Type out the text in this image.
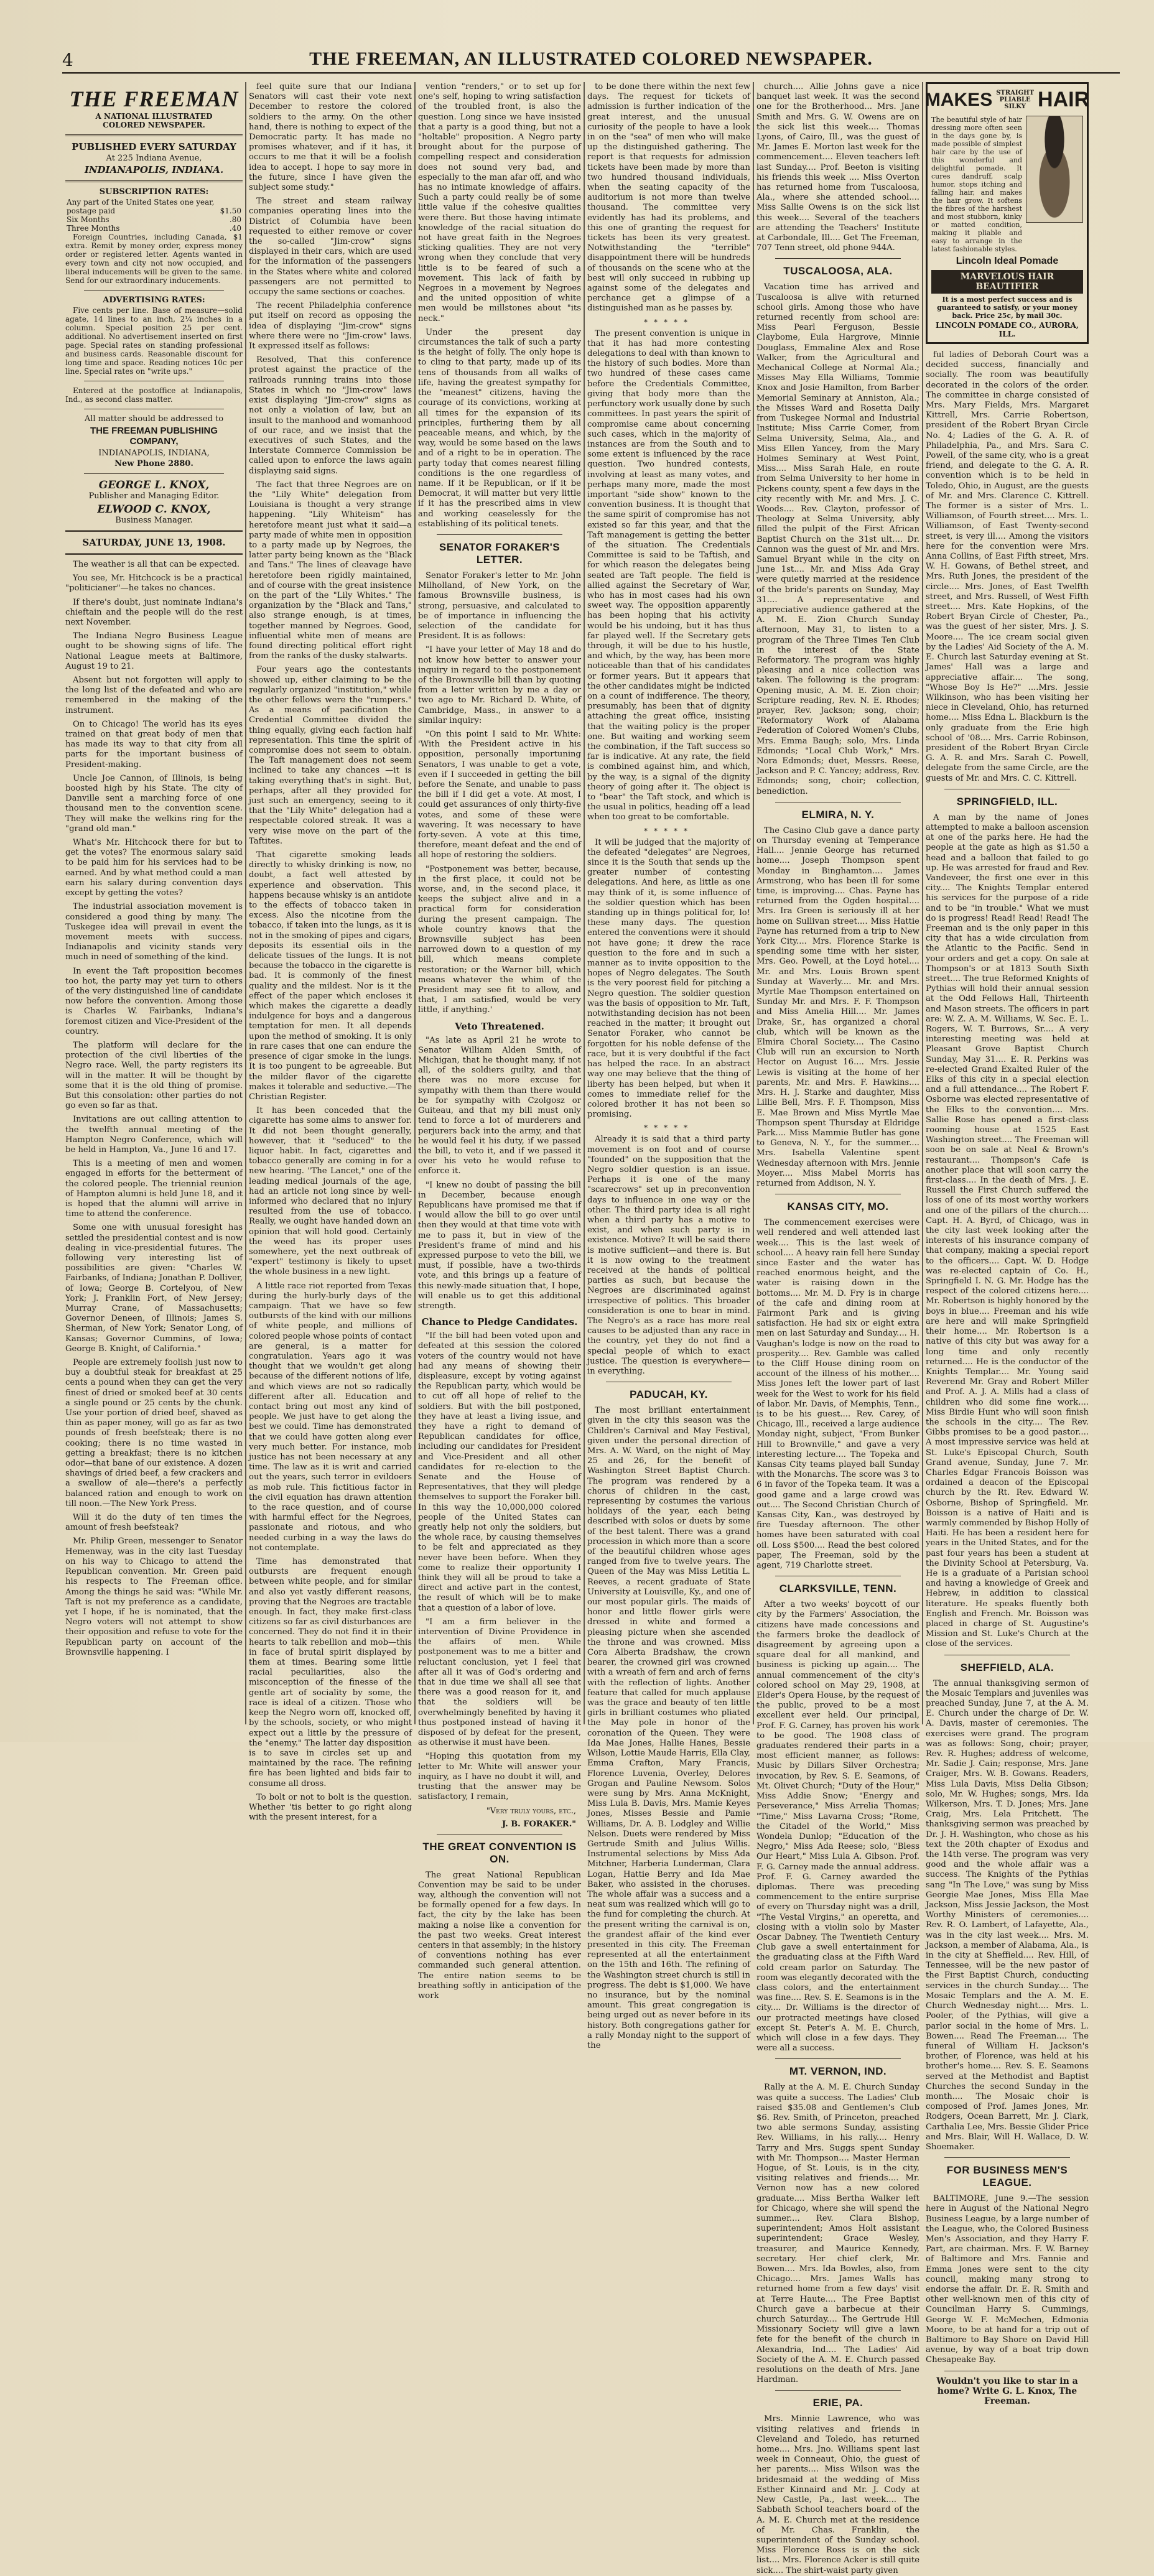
4	THE FREEMAN, AN ILLUSTRATED COLORED NEWSPAPER.
THE FREEMAN
A NATIONAL ILLUSTRATED
COLORED NEWSPAPER.
PUBLISHED EVERY SATURDAY
At 225 Indiana Avenue,
INDIANAPOLIS, INDIANA.
SUBSCRIPTION RATES:
Any part of the United States one year, postage paid	$1.50
Six Months	.80
Three Months	.40

Foreign Countries, including Canada, $1 extra. Remit by money order, express money order or registered letter. Agents wanted in every town and city not now occupied, and liberal inducements will be given to the same. Send for our extraordinary inducements.

ADVERTISING RATES:

Five cents per line. Base of measure—solid agate, 14 lines to an inch, 2¼ inches in a column. Special position 25 per cent. additional. No advertisement inserted on first page. Special rates on standing professional and business cards. Reasonable discount for long time and space. Reading notices 10c per line. Special rates on "write ups."

Entered at the postoffice at Indianapolis, Ind., as second class matter.

All matter should be addressed to
THE FREEMAN PUBLISHING COMPANY,
INDIANAPOLIS, INDIANA,
New Phone 2880.
GEORGE L. KNOX,
Publisher and Managing Editor.
ELWOOD C. KNOX,
Business Manager.
SATURDAY, JUNE 13, 1908.

The weather is all that can be expected.

You see, Mr. Hitchcock is be a practical "politicianer"—he takes no chances.

If there's doubt, just nominate Indiana's chieftain and the people will do the rest next November.

The Indiana Negro Business League ought to be showing signs of life. The National League meets at Baltimore, August 19 to 21.

Absent but not forgotten will apply to the long list of the defeated and who are remembered in the making of the instrument.

On to Chicago! The world has its eyes trained on that great body of men that has made its way to that city from all parts for the important business of President-making.

Uncle Joe Cannon, of Illinois, is being boosted high by his State. The city of Danville sent a marching force of one thousand men to the convention scene. They will make the welkins ring for the "grand old man."

What's Mr. Hitchcock there for but to get the votes? The enormous salary said to be paid him for his services had to be earned. And by what method could a man earn his salary during convention days except by getting the votes?

The industrial association movement is considered a good thing by many. The Tuskegee idea will prevail in event the movement meets with success. Indianapolis and vicinity stands very much in need of something of the kind.

In event the Taft proposition becomes too hot, the party may yet turn to others of the very distinguished line of candidate now before the convention. Among those is Charles W. Fairbanks, Indiana's foremost citizen and Vice-President of the country.

The platform will declare for the protection of the civil liberties of the Negro race. Well, the party registers its will in the matter. It will be thought by some that it is the old thing of promise. But this consolation: other parties do not go even so far as that.

Invitations are out calling attention to the twelfth annual meeting of the Hampton Negro Conference, which will be held in Hampton, Va., June 16 and 17.

This is a meeting of men and women engaged in efforts for the betterment of the colored people. The triennial reunion of Hampton alumni is held June 18, and it is hoped that the alumni will arrive in time to attend the conference.

Some one with unusual foresight has settled the presidential contest and is now dealing in vice-presidential futures. The following very interesting list of possibilities are given: "Charles W. Fairbanks, of Indiana; Jonathan P. Dolliver, of Iowa; George B. Cortelyou, of New York; J. Franklin Fort, of New Jersey; Murray Crane, of Massachusetts; Governor Deneen, of Illinois; James S. Sherman, of New York; Senator Long, of Kansas; Governor Cummins, of Iowa; George B. Knight, of California."

People are extremely foolish just now to buy a doubtful steak for breakfast at 25 cents a pound when they can get the very finest of dried or smoked beef at 30 cents a single pound or 25 cents by the chunk. Use your portion of dried beef, shaved as thin as paper money, will go as far as two pounds of fresh beefsteak; there is no cooking; there is no time wasted in getting a breakfast; there is no kitchen odor—that bane of our existence. A dozen shavings of dried beef, a few crackers and a swallow of ale—there's a perfectly balanced ration and enough to work on till noon.—The New York Press.

Will it do the duty of ten times the amount of fresh beefsteak?

Mr. Philip Green, messenger to Senator Hemenway, was in the city last Tuesday on his way to Chicago to attend the Republican convention. Mr. Green paid his respects to The Freeman office. Among the things he said was: "While Mr. Taft is not my preference as a candidate, yet I hope, if he is nominated, that the Negro voters will not attempt to show their opposition and refuse to vote for the Republican party on account of the Brownsville happening. I

feel quite sure that our Indiana Senators will cast their vote next December to restore the colored soldiers to the army. On the other hand, there is nothing to expect of the Democratic party. It has made no promises whatever, and if it has, it occurs to me that it will be a foolish idea to accept. I hope to say more in the future, since I have given the subject some study."

The street and steam railway companies operating lines into the District of Columbia have been requested to either remove or cover the so-called "Jim-crow" signs displayed in their cars, which are used for the information of the passengers in the States where white and colored passengers are not permitted to occupy the same sections or coaches.

The recent Philadelphia conference put itself on record as opposing the idea of displaying "Jim-crow" signs where there were no "Jim-crow" laws. It expressed itself as follows:

Resolved, That this conference protest against the practice of the railroads running trains into those States in which no "Jim-crow" laws exist displaying "Jim-crow" signs as not only a violation of law, but an insult to the manhood and womanhood of our race, and we insist that the executives of such States, and the Interstate Commerce Commission be called upon to enforce the laws again displaying said signs.

The fact that three Negroes are on the "Lily White" delegation from Louisiana is thought a very strange happening. "Lily Whiteism" has heretofore meant just what it said—a party made of white men in opposition to a party made up by Negroes, the latter party being known as the "Black and Tans." The lines of cleavage have heretofore been rigidly maintained, and of course with the great insistence on the part of the "Lily Whites." The organization by the "Black and Tans," also strange enough, is at times, together manned by Negroes. Good, influential white men of means are found directing political effort right from the ranks of the dusky stalwarts.

Four years ago the contestants showed up, either claiming to be the regularly organized "institution," while the other fellows were the "rumpers." As a means of pacification the Credential Committee divided the thing equally, giving each faction half representation. This time the spirit of compromise does not seem to obtain. The Taft management does not seem inclined to take any chances —it is taking everything that's in sight. But, perhaps, after all they provided for just such an emergency, seeing to it that the "Lily White" delegation had a respectable colored streak. It was a very wise move on the part of the Taftites.

That cigarette smoking leads directly to whisky drinking is now, no doubt, a fact well attested by experience and observation. This happens because whisky is an antidote to the effects of tobacco taken in excess. Also the nicotine from the tobacco, if taken into the lungs, as it is not in the smoking of pipes and cigars, deposits its essential oils in the delicate tissues of the lungs. It is not because the tobacco in the cigarette is bad. It is commonly of the finest quality and the mildest. Nor is it the effect of the paper which encloses it which makes the cigarette a deadly indulgence for boys and a dangerous temptation for men. It all depends upon the method of smoking. It is only in rare cases that one can endure the presence of cigar smoke in the lungs. It is too pungent to be agreeable. But the milder flavor of the cigarette makes it tolerable and seductive.—The Christian Register.

It has been conceded that the cigarette has some aims to answer for. It did not been thought generally, however, that it "seduced" to the liquor habit. In fact, cigarettes and tobacco generally are coming in for a new hearing. "The Lancet," one of the leading medical journals of the age, had an article not long since by well-informed who declared that no injury resulted from the use of tobacco. Really, we ought have handed down an opinion that will hold good. Certainly the weed has its proper uses somewhere, yet the next outbreak of "expert" testimony is likely to upset the whole business in a new light.

A little race riot reported from Texas during the hurly-burly days of the campaign. That we have so few outbursts of the kind with our millions of white people, and millions of colored people whose points of contact are general, is a matter for congratulation. Years ago it was thought that we wouldn't get along because of the different notions of life, and which views are not so radically different after all. Education and contact bring out most any kind of people. We just have to get along the best we could. Time has demonstrated that we could have gotten along ever very much better. For instance, mob justice has not been necessary at any time. The law as it is writ and carried out the years, such terror in evildoers as mob rule. This fictitious factor in the civil equation has drawn attention to the race question, and of course with harmful effect for the Negroes, passionate and riotous, and who needed curbing in a way the laws do not contemplate.

Time has demonstrated that outbursts are frequent enough between white people, and for similar and also yet vastly different reasons, proving that the Negroes are tractable enough. In fact, they make first-class citizens so far as civil disturbances are concerned. They do not find it in their hearts to talk rebellion and mob—this in face of brutal spirit displayed by them at times. Bearing some little racial peculiarities, also the misconception of the finesse of the gentle art of sociality by some, the race is ideal of a citizen. Those who keep the Negro worn off, knocked off, by the schools, society, or who might expect out a little by the pressure of the "enemy." The latter day disposition is to save in circles set up and maintained by the race. The refining fire has been lighted and bids fair to consume all dross.

To bolt or not to bolt is the question. Whether 'tis better to go right along with the present interest, for a

vention "renders," or to set up for one's self, hoping to wring satisfaction of the troubled front, is also the question. Long since we have insisted that a party is a good thing, but not a "holtable" proposition. A Negro party brought about for the purpose of compelling respect and consideration does not sound very bad, and especially to the man afar off, and who has no intimate knowledge of affairs. Such a party could really be of some little value if the cohesive qualities were there. But those having intimate knowledge of the racial situation do not have great faith in the Negroes sticking qualities. They are not very wrong when they conclude that very little is to be feared of such a movement. This lack of faith by Negroes in a movement by Negroes and the united opposition of white men would be millstones about "its neck."

Under the present day circumstances the talk of such a party is the height of folly. The only hope is to cling to that party, made up of its tens of thousands from all walks of life, having the greatest sympathy for the "meanest" citizens, having the courage of its convictions, working at all times for the expansion of its principles, furthering them by all peaceable means, and which, by the way, would be some based on the laws and of a right to be in operation. The party today that comes nearest filling conditions is the one regardless of name. If it be Republican, or if it be Democrat, it will matter but very little if it has the prescribed aims in view and working ceaselessly for the establishing of its political tenets.

SENATOR FORAKER'S LETTER.

Senator Foraker's letter to Mr. John Milholland, of New York, on the famous Brownsville business, is strong, persuasive, and calculated to be of importance in influencing the selection of the candidate for President. It is as follows:

"I have your letter of May 18 and do not know how better to answer your inquiry in regard to the postponement of the Brownsville bill than by quoting from a letter written by me a day or two ago to Mr. Richard D. White, of Cambridge, Mass., in answer to a similar inquiry:

"On this point I said to Mr. White: 'With the President active in his opposition, personally importuning Senators, I was unable to get a vote, even if I succeeded in getting the bill before the Senate, and unable to pass the bill if I did get a vote. At most, I could get assurances of only thirty-five votes, and some of these were wavering. It was necessary to have forty-seven. A vote at this time, therefore, meant defeat and the end of all hope of restoring the soldiers.

"Postponement was better, because, in the first place, it could not be worse, and, in the second place, it keeps the subject alive and in a practical form for consideration during the present campaign. The whole country knows that the Brownsville subject has been narrowed down to a question of my bill, which means complete restoration; or the Warner bill, which means whatever the whim of the President may see fit to allow, and that, I am satisfied, would be very little, if anything.'

Veto Threatened.

"As late as April 21 he wrote to Senator William Alden Smith, of Michigan, that he thought many, if not all, of the soldiers guilty, and that there was no more excuse for sympathy with them than there would be for sympathy with Czolgosz or Guiteau, and that my bill must only tend to force a lot of murderers and perjurers back into the army, and that he would feel it his duty, if we passed the bill, to veto it, and if we passed it over his veto he would refuse to enforce it.

"I knew no doubt of passing the bill in December, because enough Republicans have promised me that if I would allow the bill to go over until then they would at that time vote with me to pass it, but in view of the President's frame of mind and his expressed purpose to veto the bill, we must, if possible, have a two-thirds vote, and this brings up a feature of this newly-made situation that, I hope, will enable us to get this additional strength.

Chance to Pledge Candidates.

"If the bill had been voted upon and defeated at this session the colored voters of the country would not have had any means of showing their displeasure, except by voting against the Republican party, which would be to cut off all hope of relief to the soldiers. But with the bill postponed, they have at least a living issue, and they have a right to demand of Republican candidates for office, including our candidates for President and Vice-President and all other candidates for re-election to the Senate and the House of Representatives, that they will pledge themselves to support the Foraker bill. In this way the 10,000,000 colored people of the United States can greatly help not only the soldiers, but the whole race, by causing themselves to be felt and appreciated as they never have been before. When they come to realize their opportunity I think they will all be proud to take a direct and active part in the contest, the result of which will be to make that a question of a labor of love.

"I am a firm believer in the intervention of Divine Providence in the affairs of men. While postponement was to me a bitter and reluctant conclusion, yet I feel that after all it was of God's ordering and that in due time we shall all see that there was a good reason for it, and that the soldiers will be overwhelmingly benefited by having it thus postponed instead of having it disposed of by defeat for the present, as otherwise it must have been.

"Hoping this quotation from my letter to Mr. White will answer your inquiry, as I have no doubt it will, and trusting that the answer may be satisfactory, I remain,

"Very truly yours, etc.,
J. B. FORAKER."
THE GREAT CONVENTION IS ON.

The great National Republican Convention may be said to be under way, although the convention will not be formally opened for a few days. In fact, the city by the lake has been making a noise like a convention for the past two weeks. Great interest centers in that assembly; in the history of conventions nothing has ever commanded such general attention. The entire nation seems to be breathing softly in anticipation of the work

to be done there within the next few days. The request for tickets of admission is further indication of the great interest, and the unusual curiosity of the people to have a look in on the "sea" of men who will make up the distinguished gathering. The report is that requests for admission tickets have been made by more than two hundred thousand individuals, when the seating capacity of the auditorium is not more than twelve thousand. The committee very evidently has had its problems, and this one of granting the request for tickets has been its very greatest. Notwithstanding the "terrible" disappointment there will be hundreds of thousands on the scene who at the best will only succeed in rubbing up against some of the delegates and perchance get a glimpse of a distinguished man as he passes by.

*****

The present convention is unique in that it has had more contesting delegations to deal with than known to the history of such bodies. More than two hundred of these cases came before the Credentials Committee, giving that body more than the perfunctory work usually done by such committees. In past years the spirit of compromise came about concerning such cases, which in the majority of instances are from the South and to some extent is influenced by the race question. Two hundred contests, involving at least as many votes, and perhaps many more, made the most important "side show" known to the convention business. It is thought that the same spirit of compromise has not existed so far this year, and that the Taft management is getting the better of the situation. The Credentials Committee is said to be Taftish, and for which reason the delegates being seated are Taft people. The field is allied against the Secretary of War, who has in most cases had his own sweet way. The opposition apparently has been hoping that his activity would be his undoing, but it has thus far played well. If the Secretary gets through, it will be due to his hustle, and which, by the way, has been more noticeable than that of his candidates or former years. But it appears that the other candidates might be indicted on a count of indifference. The theory, presumably, has been that of dignity attaching the great office, insisting that the waiting policy is the proper one. But waiting and working seem the combination, if the Taft success so far is indicative. At any rate, the field is combined against him, and which, by the way, is a signal of the dignity theory of going after it. The object is to "bear" the Taft stock, and which is the usual in politics, heading off a lead when too great to be comfortable.

*****

It will be judged that the majority of the defeated "delegates" are Negroes, since it is the South that sends up the greater number of contesting delegations. And here, as little as one may think of it, is some influence of the soldier question which has been standing up in things political for, lo! these many days. The question entered the conventions were it should not have gone; it drew the race question to the fore and in such a manner as to invite opposition to the hopes of Negro delegates. The South is the very poorest field for pitching a Negro question. The soldier question was the basis of opposition to Mr. Taft, notwithstanding decision has not been reached in the matter; it brought out Senator Foraker, who cannot be forgotten for his noble defense of the race, but it is very doubtful if the fact has helped the race. In an abstract way one may believe that the thing of liberty has been helped, but when it comes to immediate relief for the colored brother it has not been so promising.

*****

Already it is said that a third party movement is on foot and of course "founded" on the supposition that the Negro soldier question is an issue. Perhaps it is one of the many "scarecrows" set up in preconvention days to influence in one way or the other. The third party idea is all right when a third party has a motive to exist, and when such party is in existence. Motive? It will be said there is motive sufficient—and there is. But it is now owing to the treatment received at the hands of political parties as such, but because the Negroes are discriminated against irrespective of politics. This broader consideration is one to bear in mind. The Negro's as a race has more real causes to be adjusted than any race in the country, yet they do not find a special people of which to exact justice. The question is everywhere—in everything.

PADUCAH, KY.

The most brilliant entertainment given in the city this season was the Children's Carnival and May Festival, given under the personal direction of Mrs. A. W. Ward, on the night of May 25 and 26, for the benefit of Washington Street Baptist Church. The program was rendered by a chorus of children in the cast, representing by costumes the various holidays of the year, each being described with solos or duets by some of the best talent. There was a grand procession in which more than a score of the beautiful children whose ages ranged from five to twelve years. The Queen of the May was Miss Letitia L. Reeves, a recent graduate of State University at Louisville, Ky., and one of our most popular girls. The maids of honor and little flower girls were dressed in white and formed a pleasing picture when she ascended the throne and was crowned. Miss Cora Alberta Bradshaw, the crown bearer, the crowned girl was crowned with a wreath of fern and arch of ferns with the reflection of lights. Another feature that called for much applause was the grace and beauty of ten little girls in brilliant costumes who pliated the May pole in honor of the coronation of the Queen. They were Ida Mae Jones, Hallie Hanes, Bessie Wilson, Lottie Maude Harris, Ella Clay, Emma Crafton, Mary Francis, Florence Luvenia, Overley, Delores Grogan and Pauline Newsom. Solos were sung by Mrs. Anna McKnight, Miss Lula B. Davis, Mrs. Mamie Keyes Jones, Misses Bessie and Pamie Williams, Dr. A. B. Lodgley and Willie Nelson. Duets were rendered by Miss Gertrude Smith and Julius Willis. Instrumental selections by Miss Ada Mitchner, Harberia Lunderman, Clara Logan, Hattie Berry and Ida Mae Baker, who assisted in the choruses. The whole affair was a success and a neat sum was realized which will go to the fund for completing the church. At the present writing the carnival is on, the grandest affair of the kind ever presented in this city. The Freeman represented at all the entertainment on the 15th and 16th. The refining of the Washington street church is still in progress. The debt is $1,000. We have no insurance, but by the nominal amount. This great congregation is being urged out as never before in its history. Both congregations gather for a rally Monday night to the support of the

church.... Allie Johns gave a nice banquet last week. It was the second one for the Brotherhood... Mrs. Jane Smith and Mrs. G. W. Owens are on the sick list this week.... Thomas Lyons, of Cairo, Ill., was the guest of Mr. James E. Morton last week for the commencement.... Eleven teachers left last Sunday.... Prof. Beeton is visiting his friends this week .... Miss Overton has returned home from Tuscaloosa, Ala., where she attended school.... Miss Sallie Owens is on the sick list this week.... Several of the teachers are attending the Teachers' Institute at Carbondale, Ill.... Get The Freeman, 707 Tenn street, old phone 944A.

TUSCALOOSA, ALA.

Vacation time has arrived and Tuscaloosa is alive with returned school girls. Among those who have returned recently from school are: Miss Pearl Ferguson, Bessie Claybome, Eula Hargrove, Minnie Douglass, Emmaline Alex and Rose Walker, from the Agricultural and Mechanical College at Normal Ala.; Misses May Ella Williams, Tommie Knox and Josie Hamilton, from Barber Memorial Seminary at Anniston, Ala.; the Misses Ward and Rosetta Daily from Tuskegee Normal and Industrial Institute; Miss Carrie Comer, from Selma University, Selma, Ala., and Miss Ellen Yancey, from the Mary Holmes Seminary at West Point, Miss.... Miss Sarah Hale, en route from Selma University to her home in Pickens county, spent a few days in the city recently with Mr. and Mrs. J. C. Woods.... Rev. Clayton, professor of Theology at Selma University, ably filled the pulpit of the First African Baptist Church on the 31st ult.... Dr. Cannon was the guest of Mr. and Mrs. Samuel Bryant while in the city on June 1st.... Mr. and Miss Ada Gray were quietly married at the residence of the bride's parents on Sunday, May 31.... A representative and appreciative audience gathered at the A. M. E. Zion Church Sunday afternoon, May 31, to listen to a program of the Three Times Ten Club in the interest of the State Reformatory. The program was highly pleasing and a nice collection was taken. The following is the program: Opening music, A. M. E. Zion choir; Scripture reading, Rev. N. E. Rhodes; prayer, Rev. Jackson; song, choir; "Reformatory Work of Alabama Federation of Colored Women's Clubs, Mrs. Emma Baugh; solo, Mrs. Linda Edmonds; "Local Club Work," Mrs. Nora Edmonds; duet, Messrs. Reese, Jackson and P. C. Yancey; address, Rev. Edmonds; song, choir; collection, benediction.

ELMIRA, N. Y.

The Casino Club gave a dance party on Thursday evening at Temperance Hall.... Jennie George has returned home.... Joseph Thompson spent Monday in Binghamton.... James Armstrong, who has been ill for some time, is improving.... Chas. Payne has returned from the Ogden hospital.... Mrs. Ira Green is seriously ill at her home on Sullivan street.... Miss Hattie Payne has returned from a trip to New York City.... Mrs. Florence Starke is spending some time with her sister, Mrs. Geo. Powell, at the Loyd hotel.... Mr. and Mrs. Louis Brown spent Sunday at Waverly.... Mr. and Mrs. Myrtle Mae Thompson entertained on Sunday Mr. and Mrs. F. F. Thompson and Miss Amelia Hill.... Mr. James Drake, Sr., has organized a choral club, which will be known as the Elmira Choral Society.... The Casino Club will run an excursion to North Hector on August 16.... Mrs. Jessie Lewis is visiting at the home of her parents, Mr. and Mrs. F. Hawkins.... Mrs. H. J. Starke and daughter, Miss Lillie Bell, Mrs. F. F. Thompson, Miss E. Mae Brown and Miss Myrtle Mae Thompson spent Thursday at Eldridge Park.... Miss Mammie Butler has gone to Geneva, N. Y., for the summer.... Mrs. Isabella Valentine spent Wednesday afternoon with Mrs. Jennie Moyer.... Miss Mabel Morris has returned from Addison, N. Y.

KANSAS CITY, MO.

The commencement exercises were well rendered and well attended last week.... This is the last week of school.... A heavy rain fell here Sunday since Easter and the water has reached enormous height, and the water is raising down in the bottoms.... Mr. M. D. Fry is in charge of the cafe and dining room at Fairmont Park and is giving satisfaction. He had six or eight extra men on last Saturday and Sunday.... H. Vaughan's lodge is now on the road to prosperity.... Rev. Gamble was called to the Cliff House dining room on account of the illness of his mother.... Miss Jones left the lower part of last week for the West to work for his field of labor. Mr. Davis, of Memphis, Tenn., is to be his guest.... Rev. Carey, of Chicago, Ill., received a large audience Monday night, subject, "From Bunker Hill to Brownville," and gave a very interesting lecture.... The Topeka and Kansas City teams played ball Sunday with the Monarchs. The score was 3 to 6 in favor of the Topeka team. It was a good game and a large crowd was out.... The Second Christian Church of Kansas City, Kan., was destroyed by fire Tuesday afternoon. The other homes have been saturated with coal oil. Loss $500.... Read the best colored paper, The Freeman, sold by the agent, 719 Charlotte street.

CLARKSVILLE, TENN.

After a two weeks' boycott of our city by the Farmers' Association, the citizens have made concessions and the farmers broke the deadlock of disagreement by agreeing upon a square deal for all mankind, and business is picking up again.... The annual commencement of the city's colored school on May 29, 1908, at Elder's Opera House, by the request of the public, proved to be a most excellent ever held. Our principal, Prof. F. G. Carney, has proven his work to be good. The 1908 class of graduates rendered their parts in a most efficient manner, as follows: Music by Dillars Silver Orchestra; invocation, by Rev. S. E. Seamons, of Mt. Olivet Church; "Duty of the Hour," Miss Addie Snow; "Energy and Perseverance," Miss Arrelia Thomas; "Time," Miss Lavarna Cross; "Rome, the Citadel of the World," Miss Wondela Dunlop; "Education of the Negro," Miss Ada Reese; solo, "Bless Our Heart," Miss Lula A. Gibson. Prof. F. G. Carney made the annual address. Prof. F. G. Carney awarded the diplomas. There was preceding commencement to the entire surprise of every on Thursday night was a drill, "The Vestal Virgins," an operetta, and closing with a violin solo by Master Oscar Dabney. The Twentieth Century Club gave a swell entertainment for the graduating class at the Fifth Ward cold cream parlor on Saturday. The room was elegantly decorated with the class colors, and the entertainment was fine.... Rev. S. E. Seamons is in the city.... Dr. Williams is the director of our protracted meetings have closed except St. Peter's A. M. E. Church, which will close in a few days. They were all a success.

MT. VERNON, IND.

Rally at the A. M. E. Church Sunday was quite a success. The Ladies' Club raised $35.08 and Gentlemen's Club $6. Rev. Smith, of Princeton, preached two able sermons Sunday, assisting Rev. Williams, in his rally.... Henry Tarry and Mrs. Suggs spent Sunday with Mr. Thompson.... Master Herman Hogue, of St. Louis, is in the city, visiting relatives and friends.... Mr. Vernon now has a new colored graduate.... Miss Bertha Walker left for Chicago, where she will spend the summer.... Rev. Clara Bishop, superintendent; Amos Holt assistant superintendent; Grace Wesley, treasurer, and Maurice Kennedy, secretary. Her chief clerk, Mr. Bowen.... Mrs. Ida Bowles, also, from Chicago.... Mrs. James Walls has returned home from a few days' visit at Terre Haute.... The Free Baptist Church gave a barbecue at their church Saturday.... The Gertrude Hill Missionary Society will give a lawn fete for the benefit of the church in Alexandria, Ind.... The Ladies' Aid Society of the A. M. E. Church passed resolutions on the death of Mrs. Jane Hardman.

ERIE, PA.

Mrs. Minnie Lawrence, who was visiting relatives and friends in Cleveland and Toledo, has returned home.... Mrs. Jno. Williams spent last week in Conneaut, Ohio, the guest of her parents.... Miss Wilson was the bridesmaid at the wedding of Miss Esther Kinnaird and Mr. J. Cody at New Castle, Pa., last week.... The Sabbath School teachers board of the A. M. E. Church met at the residence of Mr. Chas. Franklin, the superintendent of the Sunday school. Miss Florence Ross is on the sick list.... Mrs. Florence Acker is still quite sick.... The shirt-waist party given

MAKES STRAIGHT
PLIABLE
SILKY HAIR
The beautiful style of hair dressing more often seen in the days gone by, is made possible of simplest hair care by the use of this wonderful and delightful pomade. It cures dandruff, scalp humor, stops itching and falling hair, and makes the hair grow. It softens the fibres of the harshest and most stubborn, kinky or matted condition, making it pliable and easy to arrange in the latest fashionable styles.
Lincoln Ideal Pomade
MARVELOUS HAIR BEAUTIFIER
It is a most perfect success and is guaranteed to satisfy, or your money back. Price 25c, by mail 30c.
LINCOLN POMADE CO., AURORA, ILL.

ful ladies of Deborah Court was a decided success, financially and socially. The room was beautifully decorated in the colors of the order. The committee in charge consisted of Mrs. Mary Fields, Mrs. Margaret Kittrell, Mrs. Carrie Robertson, president of the Robert Bryan Circle No. 4; Ladies of the G. A. R. of Philadelphia, Pa., and Mrs. Sara C. Powell, of the same city, who is a great friend, and delegate to the G. A. R. convention which is to be held in Toledo, Ohio, in August, are the guests of Mr. and Mrs. Clarence C. Kittrell. The former is a sister of Mrs. L. Williamson, of Fourth street.... Mrs. L. Williamson, of East Twenty-second street, is very ill.... Among the visitors here for the convention were Mrs. Anna Collins, of East Fifth street, Mrs. W. H. Gowans, of Bethel street, and Mrs. Ruth Jones, the president of the circle.... Mrs. Jones, of East Twelfth street, and Mrs. Russell, of West Fifth street.... Mrs. Kate Hopkins, of the Robert Bryan Circle of Chester, Pa., was the guest of her sister, Mrs. J. S. Moore.... The ice cream social given by the Ladies' Aid Society of the A. M. E. Church last Saturday evening at St. James' Hall was a large and appreciative affair.... The song, "Whose Boy Is He?" ....Mrs. Jessie Wilkinson, who has been visiting her niece in Cleveland, Ohio, has returned home.... Miss Edna L. Blackburn is the only graduate from the Erie high school of '08.... Mrs. Carrie Robinson, president of the Robert Bryan Circle G. A. R. and Mrs. Sarah C. Powell, delegate from the same Circle, are the guests of Mr. and Mrs. C. C. Kittrell.

SPRINGFIELD, ILL.

A man by the name of Jones attempted to make a balloon ascension at one of the parks here. He had the people at the gate as high as $1.50 a head and a balloon that failed to go up. He was arrested for fraud and Rev. Vandeveer, the first one ever in this city.... The Knights Templar entered his services for the purpose of a ride and to be "in trouble." What we must do is progress! Read! Read! Read! The Freeman and is the only paper in this city that has a wide circulation from the Atlantic to the Pacific. Send in your orders and get a copy. On sale at Thompson's or at 1813 South Sixth street.... The true Reformed Knights of Pythias will hold their annual session at the Odd Fellows Hall, Thirteenth and Mason streets. The officers in part are: W. Z. A. M. Williams, W. Sec. E. L. Rogers, W. T. Burrows, Sr.... A very interesting meeting was held at Pleasant Grove Baptist Church Sunday, May 31.... E. R. Perkins was re-elected Grand Exalted Ruler of the Elks of this city in a special election and a full attendance.... The Robert F. Osborne was elected representative of the Elks to the convention.... Mrs. Sallie Rose has opened a first-class rooming house at 1525 East Washington street.... The Freeman will soon be on sale at Neal & Brown's restaurant.... Thompson's Cafe is another place that will soon carry the first-class.... In the death of Mrs. J. E. Russell the First Church suffered the loss of one of its most worthy workers and one of the pillars of the church.... Capt. H. A. Byrd, of Chicago, was in the city last week looking after the interests of his insurance company of that company, making a special report to the officers.... Capt. W. D. Hodge was re-elected captain of Co. H., Springfield I. N. G. Mr. Hodge has the respect of the colored citizens here.... Mr. Robertson is highly honored by the boys in blue.... Freeman and his wife are here and will make Springfield their home.... Mr. Robertson is a native of this city but was away for a long time and only recently returned.... He is the conductor of the Knights Templar.... Mr. Young said Reverend Mr. Gray and Robert Miller and Prof. A. J. A. Mills had a class of children who did some fine work.... Miss Birdie Hunt who will soon finish the schools in the city.... The Rev. Gibbs promises to be a good pastor.... A most impressive service was held at St. Luke's Episcopal Church, South Grand avenue, Sunday, June 7. Mr. Charles Edgar Francois Boisson was ordained a deacon of the Episcopal church by the Rt. Rev. Edward W. Osborne, Bishop of Springfield. Mr. Boisson is a native of Haiti and is warmly commended by Bishop Holly of Haiti. He has been a resident here for years in the United States, and for the past four years has been a student at the Divinity School at Petersburg, Va. He is a graduate of a Parisian school and having a knowledge of Greek and Hebrew, in addition to classical literature. He speaks fluently both English and French. Mr. Boisson was placed in charge of St. Augustine's Mission and St. Luke's Church at the close of the services.

SHEFFIELD, ALA.

The annual thanksgiving sermon of the Mosaic Templars and juveniles was preached Sunday, June 7, at the A. M. E. Church under the charge of Dr. W. A. Davis, master of ceremonies. The exercises were grand. The program was as follows: Song, choir; prayer, Rev. R. Hughes; address of welcome, Mr. Sadie J. Cain; response, Mrs. Jane Craiger, Mrs. W. B. Gowans. Readers, Miss Lula Davis, Miss Delia Gibson; solo, Mr. W. Hughes; songs, Mrs. Ida Wilkerson, Mrs. T. D. Jones; Mrs. Jane Craig, Mrs. Lela Pritchett. The thanksgiving sermon was preached by Dr. J. H. Washington, who chose as his text the 20th chapter of Exodus and the 14th verse. The program was very good and the whole affair was a success. The Knights of the Pythias sang "In The Love," was sung by Miss Georgie Mae Jones, Miss Ella Mae Jackson, Miss Jessie Jackson, the Most Worthy Ministers of ceremonies.... Rev. R. O. Lambert, of Lafayette, Ala., was in the city last week.... Mrs. M. Jackson, a member of Alabama, Ala., is in the city at Sheffield.... Rev. Hill, of Tennessee, will be the new pastor of the First Baptist Church, conducting services in the church Sunday.... The Mosaic Templars and the A. M. E. Church Wednesday night.... Mrs. L. Pooler, of the Pythias, will give a parlor social in the home of Mrs. L. Bowen.... Read The Freeman.... The funeral of William H. Jackson's brother, of Florence, was held at his brother's home.... Rev. S. E. Seamons served at the Methodist and Baptist Churches the second Sunday in the month.... The Mosaic choir is composed of Prof. James Jones, Mr. Rodgers, Ocean Barrett, Mr. J. Clark, Carthalia Lee, Mrs. Bessie Glider Price and Mrs. Blair, Will H. Wallace, D. W. Shoemaker.

FOR BUSINESS MEN'S LEAGUE.

BALTIMORE, June 9.—The session here in August of the National Negro Business League, by a large number of the League, who, the Colored Business Men's Association, and they Harry F. Part, are chairman. Mrs. F. W. Barney of Baltimore and Mrs. Fannie and Emma Jones were sent to the city council, making many strong to endorse the affair. Dr. E. R. Smith and other well-known men of this city of Councilman Harry S. Cummings, George W. F. McMechen, Edmonia Moore, to be at hand for a trip out of Baltimore to Bay Shore on David Hill avenue, by way of a boat trip down Chesapeake Bay.

Wouldn't you like to star in a home? Write G. L. Knox, The Freeman.
